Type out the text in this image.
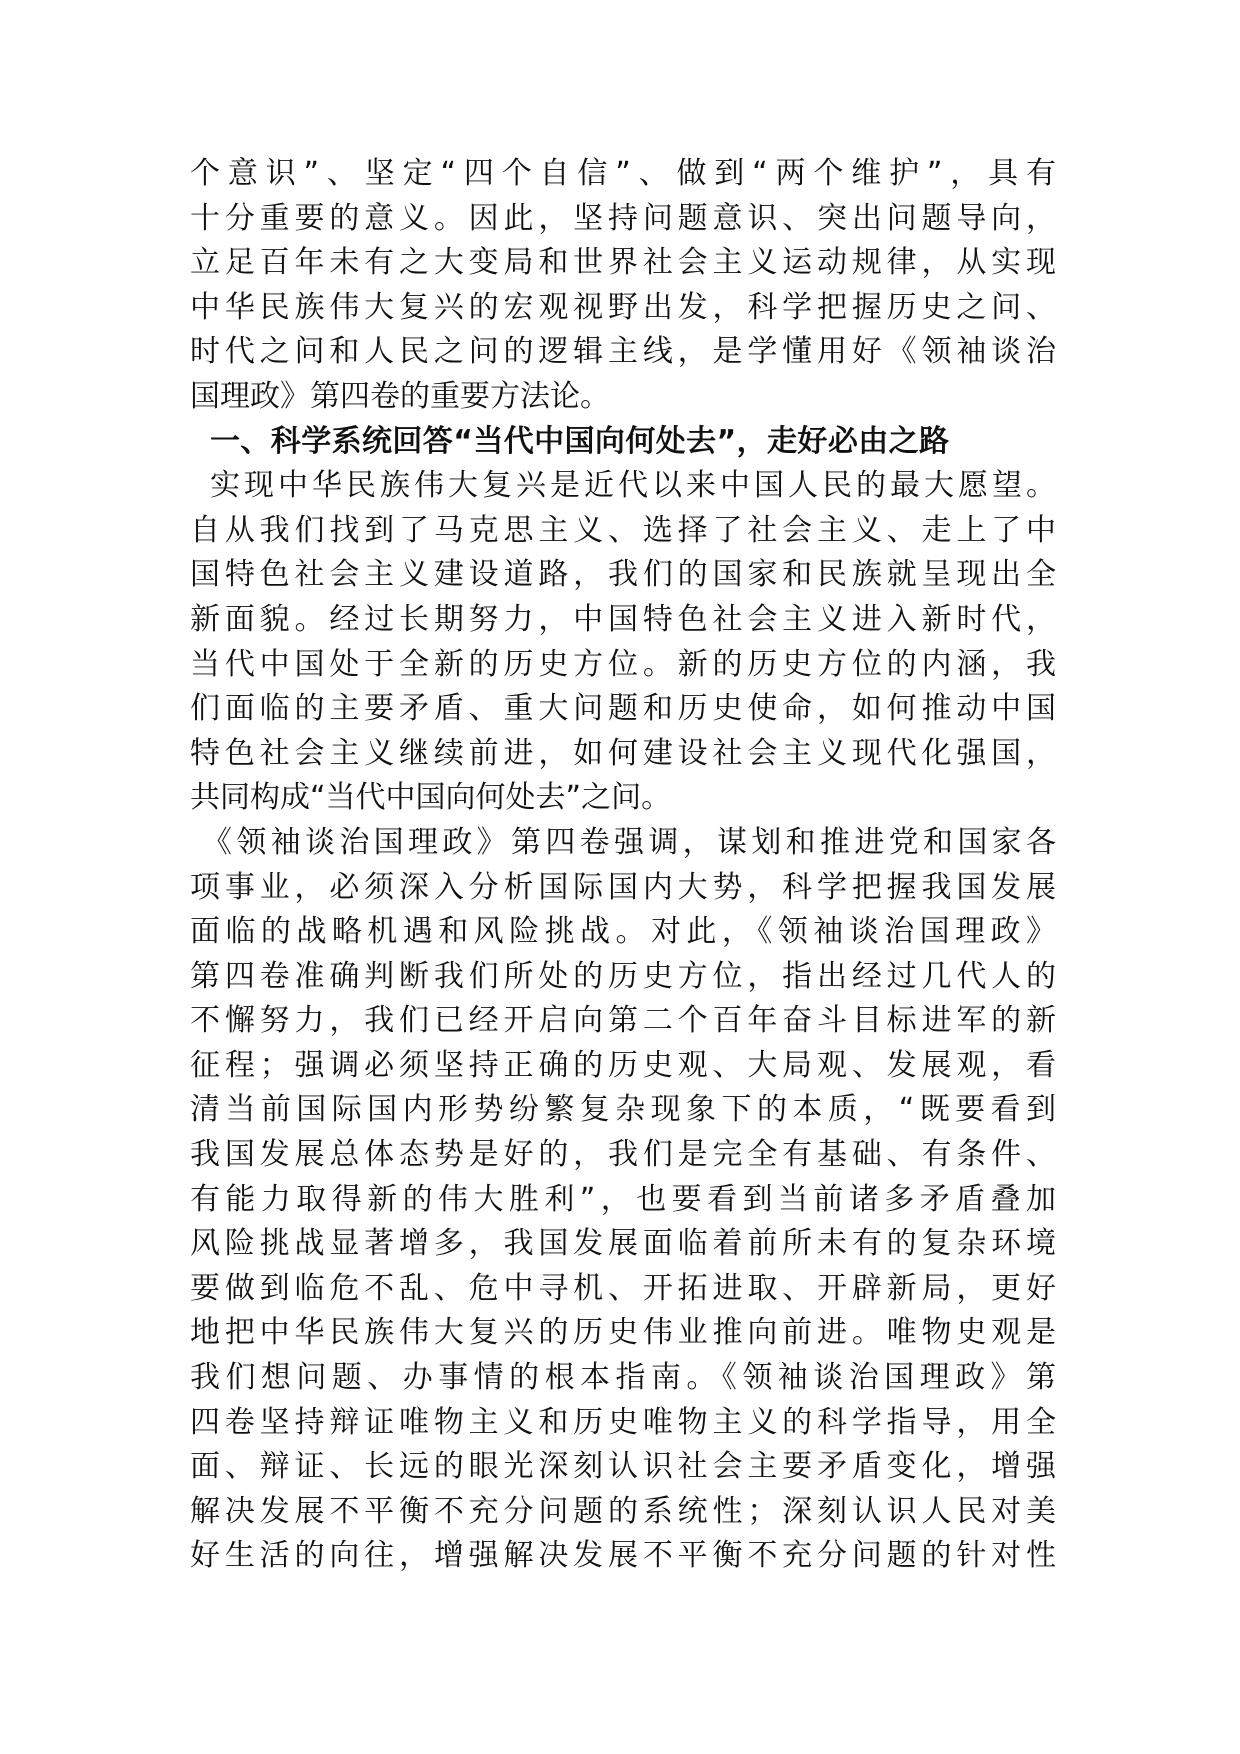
个意识”、坚定“四个自信”、做到“两个维护”，具有
十分重要的意义。因此，坚持问题意识、突出问题导向，
立足百年未有之大变局和世界社会主义运动规律，从实现
中华民族伟大复兴的宏观视野出发，科学把握历史之问、
时代之问和人民之问的逻辑主线，是学懂用好《领袖谈治
国理政》第四卷的重要方法论。
一、科学系统回答“当代中国向何处去”，走好必由之路
实现中华民族伟大复兴是近代以来中国人民的最大愿望。
自从我们找到了马克思主义、选择了社会主义、走上了中
国特色社会主义建设道路，我们的国家和民族就呈现出全
新面貌。经过长期努力，中国特色社会主义进入新时代，
当代中国处于全新的历史方位。新的历史方位的内涵，我
们面临的主要矛盾、重大问题和历史使命，如何推动中国
特色社会主义继续前进，如何建设社会主义现代化强国，
共同构成“当代中国向何处去”之问。
《领袖谈治国理政》第四卷强调，谋划和推进党和国家各
项事业，必须深入分析国际国内大势，科学把握我国发展
面临的战略机遇和风险挑战。对此，《领袖谈治国理政》
第四卷准确判断我们所处的历史方位，指出经过几代人的
不懈努力，我们已经开启向第二个百年奋斗目标进军的新
征程；强调必须坚持正确的历史观、大局观、发展观，看
清当前国际国内形势纷繁复杂现象下的本质，“既要看到
我国发展总体态势是好的，我们是完全有基础、有条件、
有能力取得新的伟大胜利”，也要看到当前诸多矛盾叠加
风险挑战显著增多，我国发展面临着前所未有的复杂环境
要做到临危不乱、危中寻机、开拓进取、开辟新局，更好
地把中华民族伟大复兴的历史伟业推向前进。唯物史观是
我们想问题、办事情的根本指南。《领袖谈治国理政》第
四卷坚持辩证唯物主义和历史唯物主义的科学指导，用全
面、辩证、长远的眼光深刻认识社会主要矛盾变化，增强
解决发展不平衡不充分问题的系统性；深刻认识人民对美
好生活的向往，增强解决发展不平衡不充分问题的针对性
